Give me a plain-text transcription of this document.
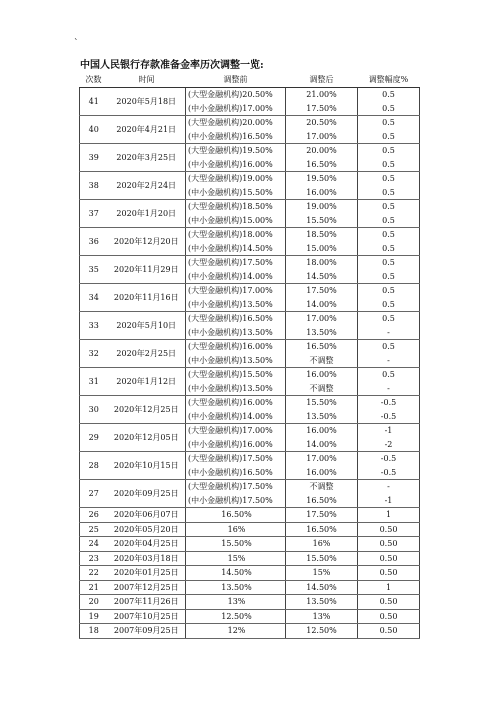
`
中国人民银行存款准备金率历次调整一览:
次数	时间	调整前	调整后	调整幅度%
41	2020年5月18日	(大型金融机构)20.50%	21.00%	0.5
		(中小金融机构)17.00%	17.50%	0.5
40	2020年4月21日	(大型金融机构)20.00%	20.50%	0.5
		(中小金融机构)16.50%	17.00%	0.5
39	2020年3月25日	(大型金融机构)19.50%	20.00%	0.5
		(中小金融机构)16.00%	16.50%	0.5
38	2020年2月24日	(大型金融机构)19.00%	19.50%	0.5
		(中小金融机构)15.50%	16.00%	0.5
37	2020年1月20日	(大型金融机构)18.50%	19.00%	0.5
		(中小金融机构)15.00%	15.50%	0.5
36	2020年12月20日	(大型金融机构)18.00%	18.50%	0.5
		(中小金融机构)14.50%	15.00%	0.5
35	2020年11月29日	(大型金融机构)17.50%	18.00%	0.5
		(中小金融机构)14.00%	14.50%	0.5
34	2020年11月16日	(大型金融机构)17.00%	17.50%	0.5
		(中小金融机构)13.50%	14.00%	0.5
33	2020年5月10日	(大型金融机构)16.50%	17.00%	0.5
		(中小金融机构)13.50%	13.50%	-
32	2020年2月25日	(大型金融机构)16.00%	16.50%	0.5
		(中小金融机构)13.50%	不调整	-
31	2020年1月12日	(大型金融机构)15.50%	16.00%	0.5
		(中小金融机构)13.50%	不调整	-
30	2020年12月25日	(大型金融机构)16.00%	15.50%	-0.5
		(中小金融机构)14.00%	13.50%	-0.5
29	2020年12月05日	(大型金融机构)17.00%	16.00%	-1
		(中小金融机构)16.00%	14.00%	-2
28	2020年10月15日	(大型金融机构)17.50%	17.00%	-0.5
		(中小金融机构)16.50%	16.00%	-0.5
27	2020年09月25日	(大型金融机构)17.50%	不调整	-
		(中小金融机构)17.50%	16.50%	-1
26	2020年06月07日	16.50%	17.50%	1
25	2020年05月20日	16%	16.50%	0.50
24	2020年04月25日	15.50%	16%	0.50
23	2020年03月18日	15%	15.50%	0.50
22	2020年01月25日	14.50%	15%	0.50
21	2007年12月25日	13.50%	14.50%	1
20	2007年11月26日	13%	13.50%	0.50
19	2007年10月25日	12.50%	13%	0.50
18	2007年09月25日	12%	12.50%	0.50
